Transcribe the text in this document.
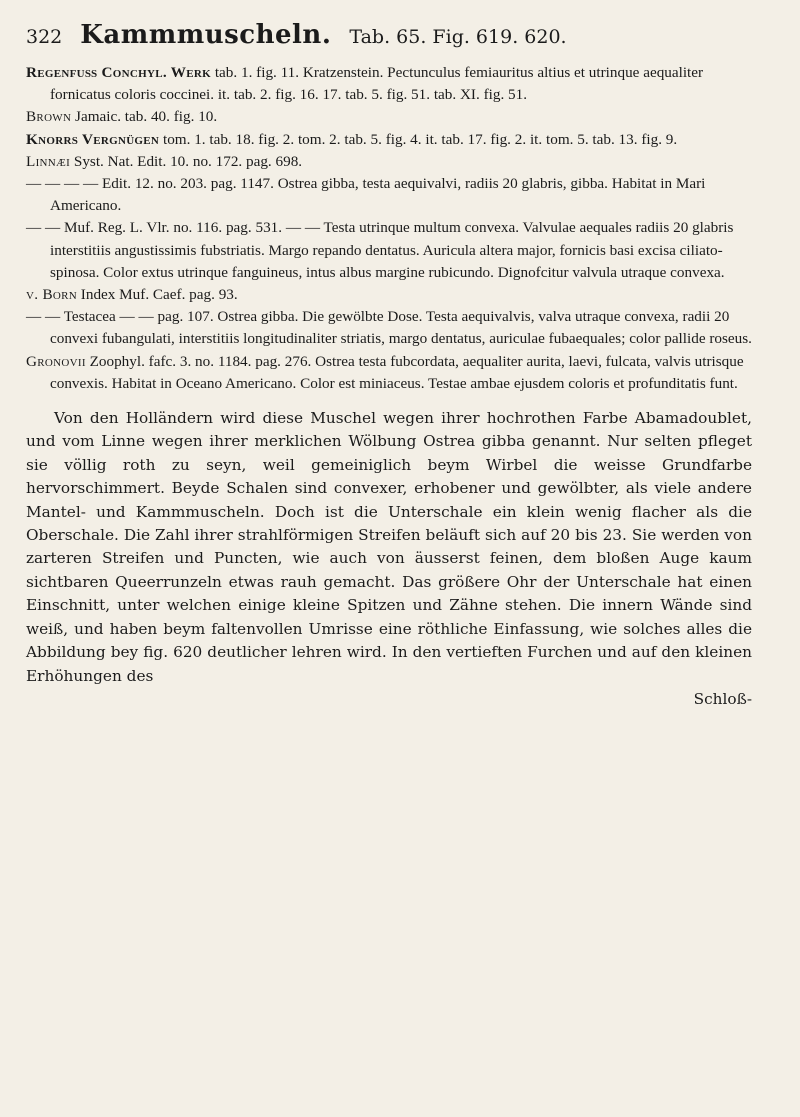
322 Kammmuscheln. Tab. 65. Fig. 619. 620.

Regenfuß Conchyl. Werk tab. 1. fig. 11. Kratzenstein. Pectunculus femiauritus altius et utrinque aequaliter fornicatus coloris coccinei. it. tab. 2. fig. 16. 17. tab. 5. fig. 51. tab. XI. fig. 51.

Brown Jamaic. tab. 40. fig. 10.

Knorrs Vergnügen tom. 1. tab. 18. fig. 2. tom. 2. tab. 5. fig. 4. it. tab. 17. fig. 2. it. tom. 5. tab. 13. fig. 9.

Linnæi Syst. Nat. Edit. 10. no. 172. pag. 698.

— — — — Edit. 12. no. 203. pag. 1147. Ostrea gibba, testa aequivalvi, radiis 20 glabris, gibba. Habitat in Mari Americano.

— — Muf. Reg. L. Vlr. no. 116. pag. 531. — — Testa utrinque multum convexa. Valvulae aequales radiis 20 glabris interstitiis angustissimis fubstriatis. Margo repando dentatus. Auricula altera major, fornicis basi excisa ciliato-spinosa. Color extus utrinque fanguineus, intus albus margine rubicundo. Dignofcitur valvula utraque convexa.

v. Born Index Muf. Caef. pag. 93.

— — Testacea — — pag. 107. Ostrea gibba. Die gewölbte Dose. Testa aequivalvis, valva utraque convexa, radii 20 convexi fubangulati, interstitiis longitudinaliter striatis, margo dentatus, auriculae fubaequales; color pallide roseus.

Gronovii Zoophyl. fafc. 3. no. 1184. pag. 276. Ostrea testa fubcordata, aequaliter aurita, laevi, fulcata, valvis utrisque convexis. Habitat in Oceano Americano. Color est miniaceus. Testae ambae ejusdem coloris et profunditatis funt.

Von den Holländern wird diese Muschel wegen ihrer hochrothen Farbe Abamadoublet, und vom Linne wegen ihrer merklichen Wölbung Ostrea gibba genannt. Nur selten pfleget sie völlig roth zu seyn, weil gemeiniglich beym Wirbel die weisse Grundfarbe hervorschimmert. Beyde Schalen sind convexer, erhobener und gewölbter, als viele andere Mantel- und Kammmuscheln. Doch ist die Unterschale ein klein wenig flacher als die Oberschale. Die Zahl ihrer strahlförmigen Streifen beläuft sich auf 20 bis 23. Sie werden von zarteren Streifen und Puncten, wie auch von äusserst feinen, dem bloßen Auge kaum sichtbaren Queerrunzeln etwas rauh gemacht. Das größere Ohr der Unterschale hat einen Einschnitt, unter welchen einige kleine Spitzen und Zähne stehen. Die innern Wände sind weiß, und haben beym faltenvollen Umrisse eine röthliche Einfassung, wie solches alles die Abbildung bey fig. 620 deutlicher lehren wird. In den vertieften Furchen und auf den kleinen Erhöhungen des

Schloß-
